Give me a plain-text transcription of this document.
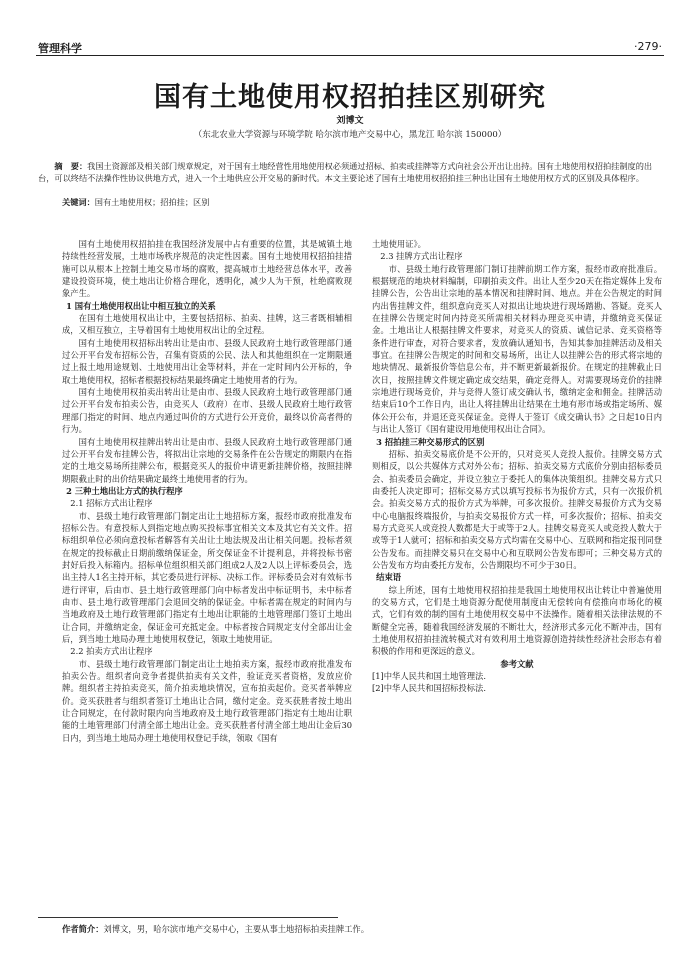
管理科学	·279·
国有土地使用权招拍挂区别研究
刘博文
（东北农业大学资源与环境学院 哈尔滨市地产交易中心，黑龙江 哈尔滨 150000）
摘　要：我国土资源部及相关部门规章规定，对于国有土地经营性用地使用权必须通过招标、拍卖或挂牌等方式向社会公开出让出持。国有土地使用权招拍挂制度的出台，可以终结不法操作性协议供地方式，进入一个土地供应公开交易的新时代。本文主要论述了国有土地使用权招拍挂三种出让国有土地使用权方式的区别及具体程序。
关键词：国有土地使用权；招拍挂；区别

国有土地使用权招拍挂在我国经济发展中占有重要的位置，其是城镇土地持续性经营发展，土地市场秩序规范的决定性因素。国有土地使用权招拍挂措施可以从根本上控制土地交易市场的腐败，提高城市土地经营总体水平，改善建设投资环境，使土地出让价格合理化，透明化，减少人为干预，杜绝腐败现象产生。

1 国有土地使用权出让中相互独立的关系

在国有土地使用权出让中，主要包括招标、拍卖、挂牌，这三者既相辅相成，又相互独立，主导着国有土地使用权出让的全过程。

国有土地使用权招标出转出让是由市、县级人民政府土地行政管理部门通过公开平台发布招标公告，召集有资质的公民、法人和其他组织在一定期限通过上报土地用途规划、土地使用出让金等材料，并在一定时间内公开标的，争取土地使用权，招标者根据投标结果最终确定土地使用者的行为。

国有土地使用权拍卖出转出让是由市、县级人民政府土地行政管理部门通过公开平台发布拍卖公告，由竞买人（政府）在市、县级人民政府土地行政管理部门指定的时间、地点内通过叫价的方式进行公开竞价，最终以价高者得的行为。

国有土地使用权挂牌出转出让是由市、县级人民政府土地行政管理部门通过公开平台发布挂牌公告，将拟出让宗地的交易条件在公告规定的期限内在指定的土地交易场所挂牌公布，根据竞买人的报价申请更新挂牌价格，按照挂牌期限截止时的出价结果确定最终土地使用者的行为。

2 三种土地出让方式的执行程序

2.1 招标方式出让程序

市、县级土地行政管理部门制定出让土地招标方案，报经市政府批准发布招标公告。有意投标人到指定地点购买投标事宜相关文本及其它有关文件。招标组织单位必须向意投标者解答有关出让土地法规及出让相关问题。投标者须在规定的投标截止日期前缴纳保证金，所交保证金不计提利息，并将投标书密封好后投入标箱内。招标单位组织相关部门组成2人及2人以上评标委员会，选出主持人1名主持开标，其它委员进行评标、决标工作。评标委员会对有效标书进行评审，后由市、县土地行政管理部门向中标者发出中标证明书，未中标者由市、县土地行政管理部门会退回交纳的保证金。中标者需在规定的时间内与当地政府及土地行政管理部门指定有土地出让职能的土地管理部门签订土地出让合同，并缴纳定金，保证金可充抵定金。中标者按合同规定支付全部出让金后，到当地土地局办理土地使用权登记，领取土地使用证。

2.2 拍卖方式出让程序

市、县级土地行政管理部门制定出让土地拍卖方案，报经市政府批准发布拍卖公告。组织者向竞争者提供拍卖有关文件，验证竞买者资格，发放应价牌。组织者主持拍卖竞买，简介拍卖地块情况，宣布拍卖起价。竞买者举牌应价。竞买获胜者与组织者签订土地出让合同，缴付定金。竞买获胜者按土地出让合同规定，在付款时限内向当地政府及土地行政管理部门指定有土地出让职能的土地管理部门付清全部土地出让金。竞买获胜者付清全部土地出让金后30日内，到当地土地局办理土地使用权登记手续，领取《国有

土地使用证》。

2.3 挂牌方式出让程序

市、县级土地行政管理部门制订挂牌前期工作方案，报经市政府批准后。根据规范的地块材料编制，印刷拍卖文件。出让人至少20天在指定媒体上发布挂牌公告，公告出让宗地的基本情况和挂牌时间、地点。并在公告规定的时间内出售挂牌文件，组织意向竞买人对拟出让地块进行现场踏勘、答疑。竞买人在挂牌公告规定时间内持竞买所需相关材料办理竞买申请，并缴纳竞买保证金。土地出让人根据挂牌文件要求，对竞买人的资质、诚信记录、竞买资格等条件进行审查，对符合要求者，发放确认通知书，告知其参加挂牌活动及相关事宜。在挂牌公告规定的时间和交易场所，出让人以挂牌公告的形式将宗地的地块情况、最新报价等信息公布，并不断更新最新报价。在规定的挂牌截止日次日，按照挂牌文件规定确定成交结果，确定竞得人。对需要现场竞价的挂牌宗地进行现场竞价，并与竞得人签订成交确认书，缴纳定金和佣金。挂牌活动结束后10个工作日内，出让人将挂牌出让结果在土地有形市场或指定场所、媒体公开公布，并退还竞买保证金。竞得人于签订《成交确认书》之日起10日内与出让人签订《国有建设用地使用权出让合同》。

3 招拍挂三种交易形式的区别

招标、拍卖交易底价是不公开的，只对竞买人竞投人报价。挂牌交易方式则相反，以公共媒体方式对外公布；招标、拍卖交易方式底价分别由招标委员会、拍卖委员会确定，并设立独立于委托人的集体决策组织。挂牌交易方式只由委托人决定即可；招标交易方式以填写投标书为报价方式，只有一次报价机会。拍卖交易方式的报价方式为举牌，可多次报价。挂牌交易报价方式为交易中心电脑报终端报价，与拍卖交易报价方式一样，可多次报价；招标、拍卖交易方式竞买人或竞投人数都是大于或等于2人。挂牌交易竞买人或竞投人数大于或等于1人就可；招标和拍卖交易方式均需在交易中心、互联网和指定报刊同登公告发布。而挂牌交易只在交易中心和互联网公告发布即可；三种交易方式的公告发布方均由委托方发布，公告期限均不可少于30日。

结束语

综上所述，国有土地使用权招拍挂是我国土地使用权出让转让中普遍使用的交易方式，它们是土地资源分配使用制度由无偿转向有偿推向市场化的模式，它们有效的制约国有土地使用权交易中不法操作。随着相关法律法规的不断健全完善，随着我国经济发展的不断壮大，经济形式多元化不断冲击，国有土地使用权招拍挂流转模式对有效利用土地资源创造持续性经济社会形态有着积极的作用和更深远的意义。

参考文献

[1]中华人民共和国土地管理法.

[2]中华人民共和国招标投标法.

作者简介：刘博文，男，哈尔滨市地产交易中心，主要从事土地招标拍卖挂牌工作。
